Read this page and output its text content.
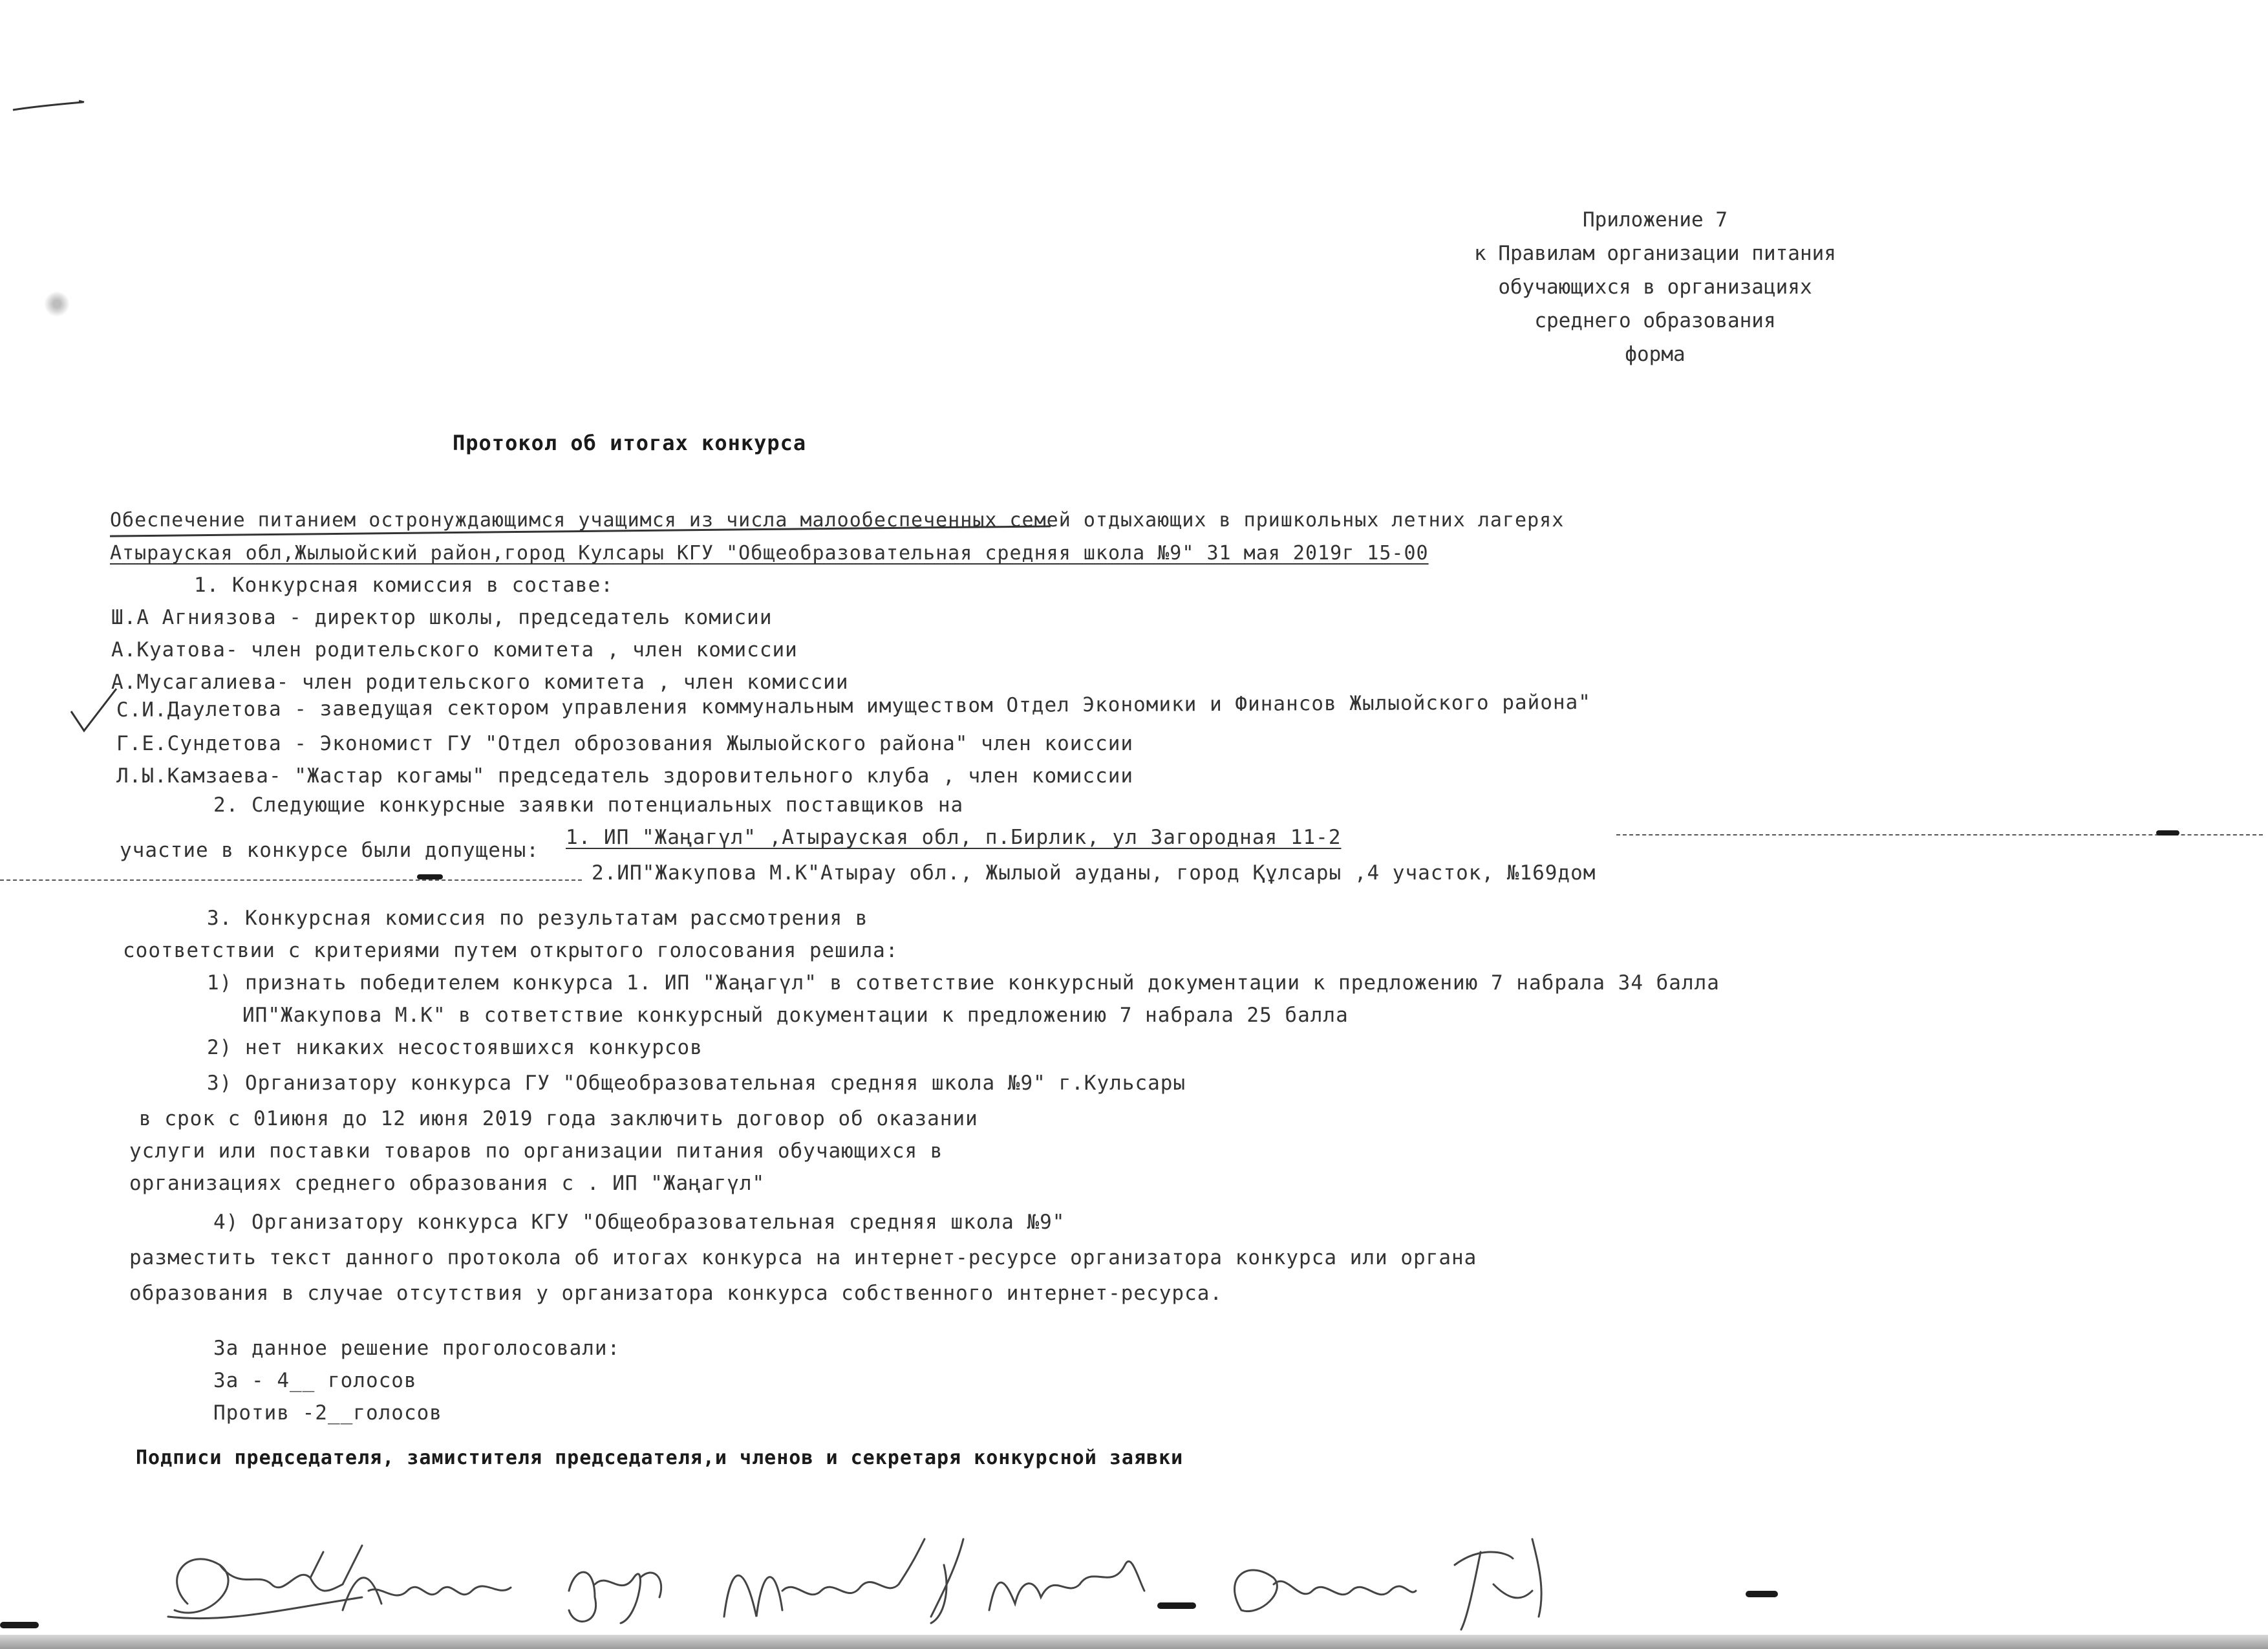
Приложение 7
к Правилам организации питания
обучающихся в организациях
среднего образования
форма
Протокол об итогах конкурса
Обеспечение питанием остронуждающимся учащимся из числа малообеспеченных семей отдыхающих в пришкольных летних лагерях
Атырауская обл,Жылыойский район,город Кулсары КГУ "Общеобразовательная средняя школа №9" 31 мая 2019г 15-00
1. Конкурсная комиссия в составе:
Ш.А Агниязова - директор школы, председатель комисии
А.Куатова- член родительского комитета , член комиссии
А.Мусагалиева- член родительского комитета , член комиссии
С.И.Даулетова - заведущая сектором управления коммунальным имуществом Отдел Экономики и Финансов Жылыойского района"
Г.Е.Сундетова - Экономист ГУ "Отдел оброзования Жылыойского района" член коиссии
Л.Ы.Камзаева- "Жастар когамы" председатель здоровительного клуба , член комиссии
2. Следующие конкурсные заявки потенциальных поставщиков на
участие в конкурсе были допущены:
1. ИП "Жаңагүл" ,Атырауская обл, п.Бирлик, ул Загородная 11-2
2.ИП"Жакупова М.К"Атырау обл., Жылыой ауданы, город Құлсары ,4 участок, №169дом
3. Конкурсная комиссия по результатам рассмотрения в
соответствии с критериями путем открытого голосования решила:
1) признать победителем конкурса 1. ИП "Жаңагүл" в сответствие конкурсный документации к предложению 7 набрала 34 балла
ИП"Жакупова М.К" в сответствие конкурсный документации к предложению 7 набрала 25 балла
2) нет никаких несостоявшихся конкурсов
3) Организатору конкурса ГУ "Общеобразовательная средняя школа №9" г.Кульсары
в срок с 01июня до 12 июня 2019 года заключить договор об оказании
услуги или поставки товаров по организации питания обучающихся в
организациях среднего образования с . ИП "Жаңагүл"
4) Организатору конкурса КГУ "Общеобразовательная средняя школа №9"
разместить текст данного протокола об итогах конкурса на интернет-ресурсе организатора конкурса или органа
образования в случае отсутствия у организатора конкурса собственного интернет-ресурса.
За данное решение проголосовали:
За - 4__ голосов
Против -2__голосов
Подписи председателя, замистителя председателя,и членов и секретаря конкурсной заявки
